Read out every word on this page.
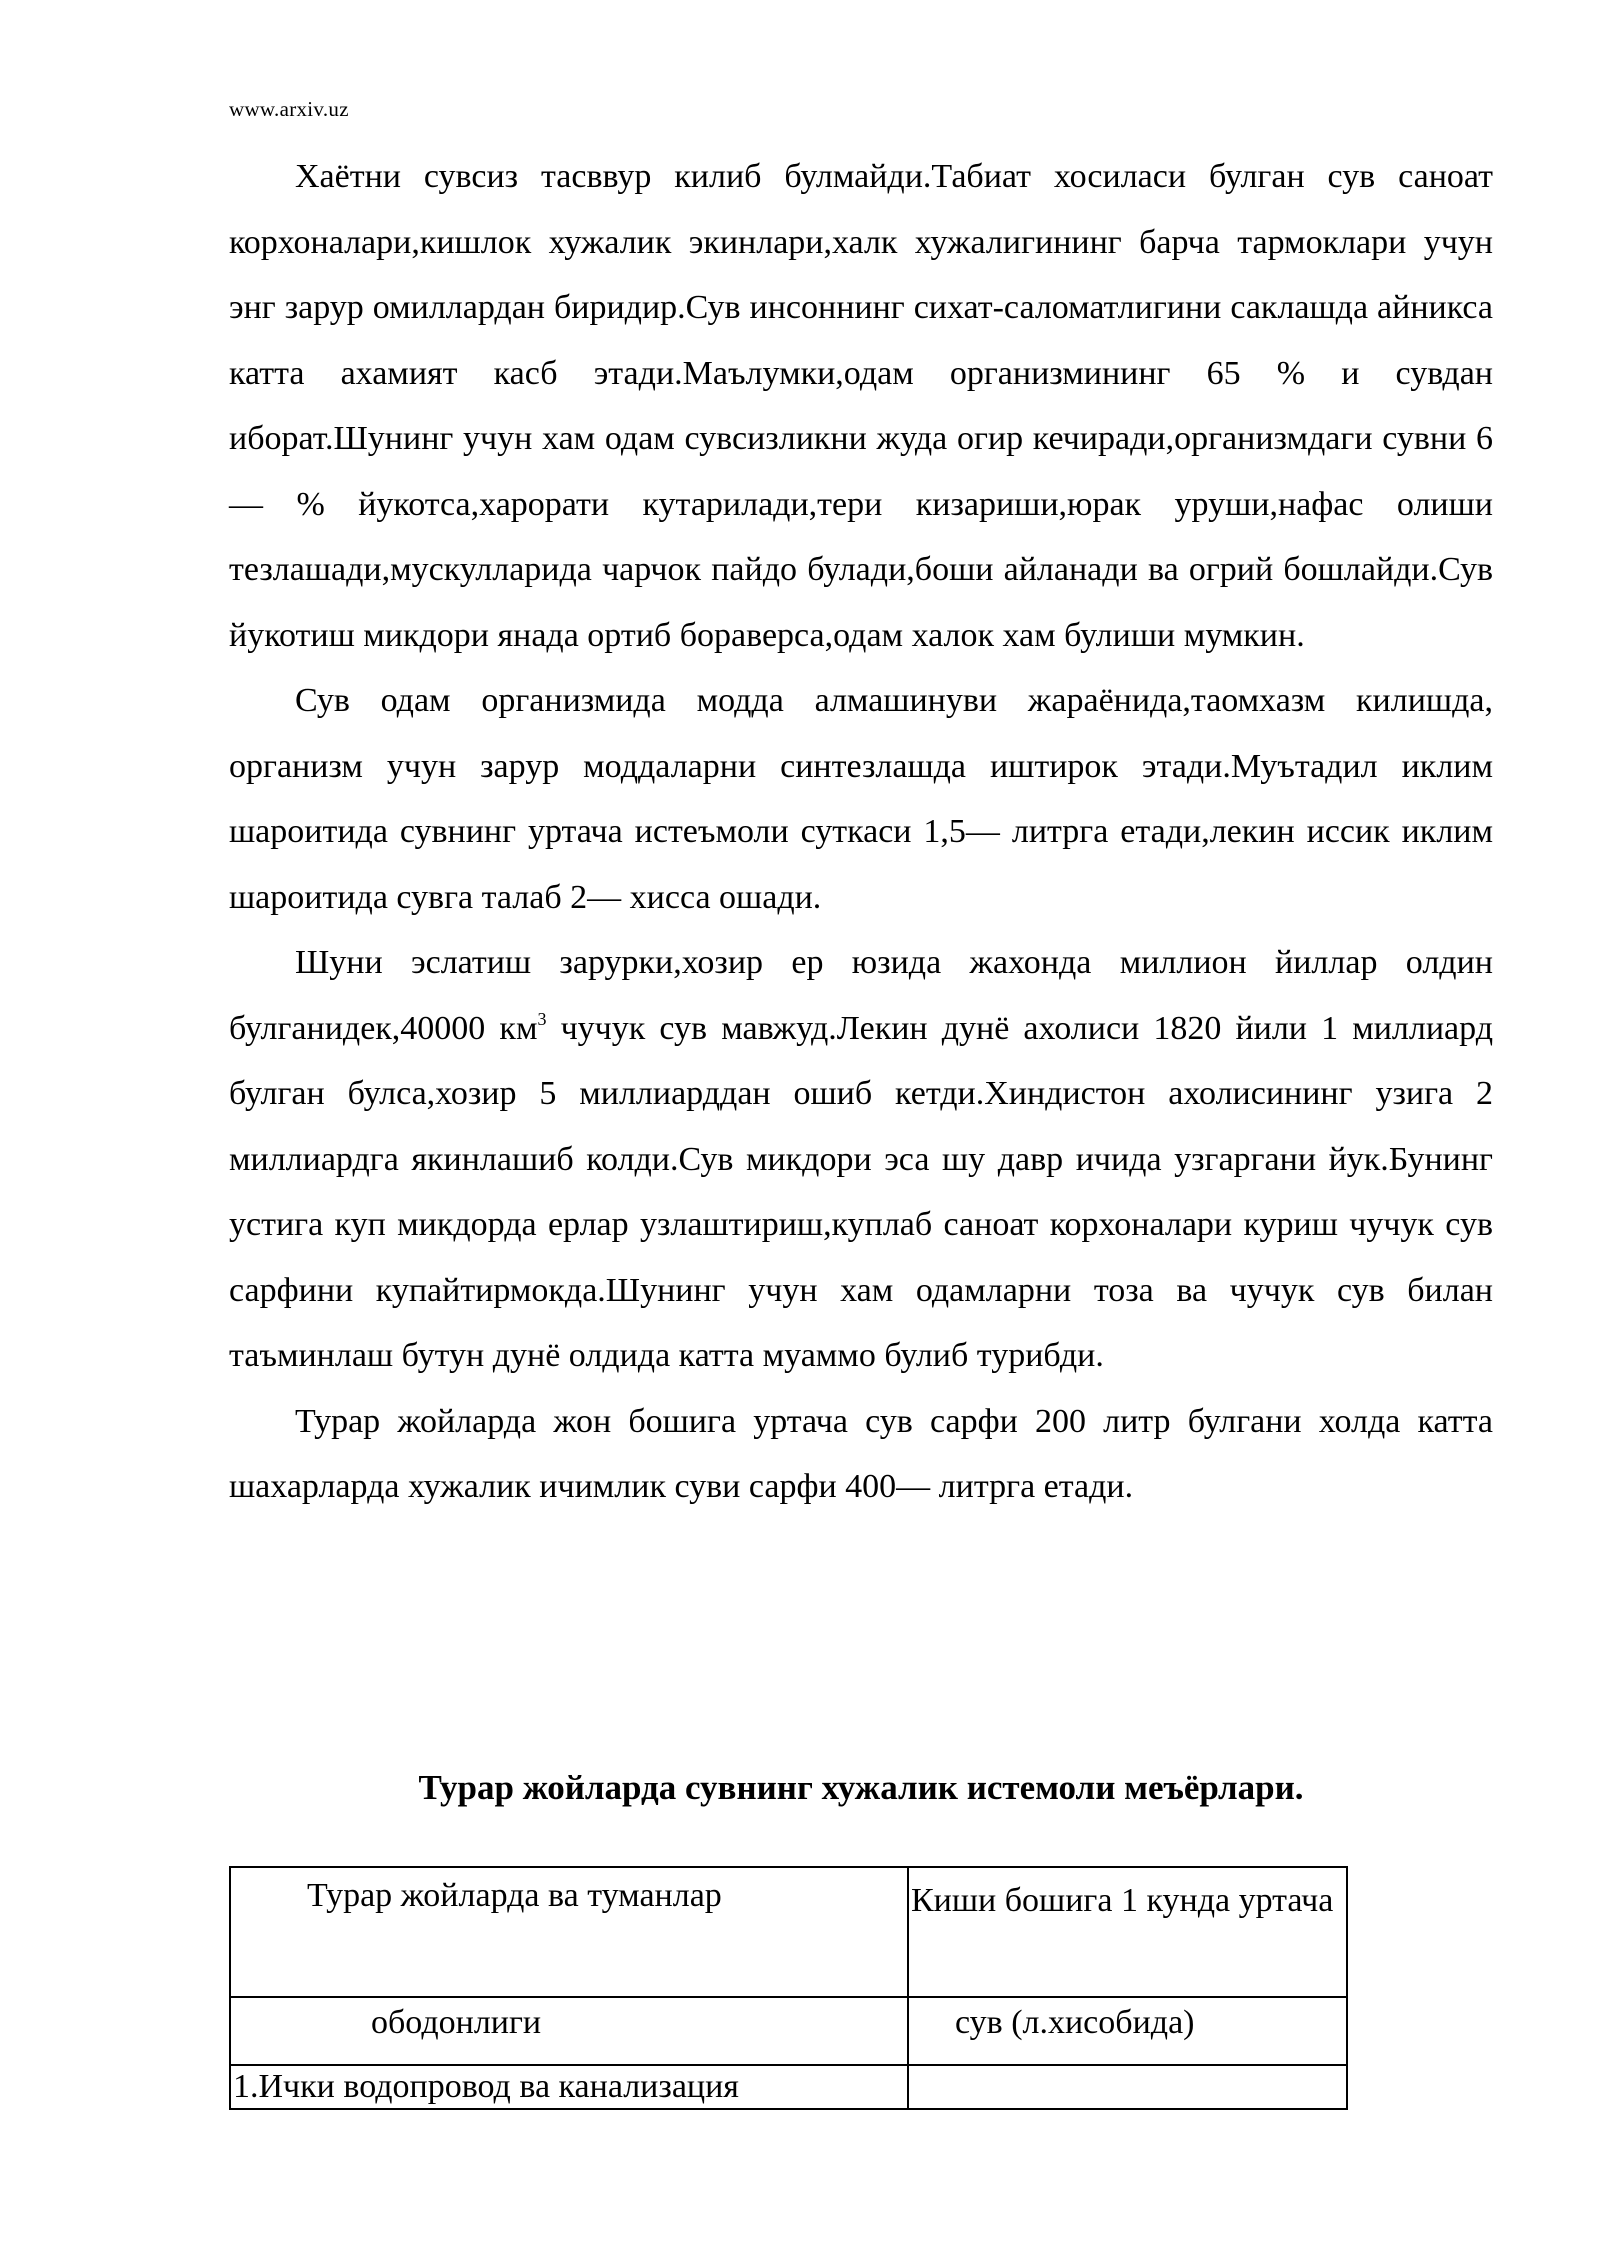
www.arxiv.uz

Хаётни сувсиз тасввур килиб булмайди.Табиат хосиласи булган сув саноат корхоналари,кишлок хужалик экинлари,халк хужалигининг барча тармоклари учун энг зарур омиллардан биридир.Сув инсоннинг сихат-саломатлигини саклашда айникса катта ахамият касб этади.Маълумки,одам организмининг 65 % и сувдан иборат.Шунинг учун хам одам сувсизликни жуда огир кечиради,организмдаги сувни 6— % йукотса,харорати кутарилади,тери кизариши,юрак уруши,нафас олиши тезлашади,мускулларида чарчок пайдо булади,боши айланади ва огрий бошлайди.Сув йукотиш микдори янада ортиб бораверса,одам халок хам булиши мумкин.

Сув одам организмида модда алмашинуви жараёнида,таомхазм килишда, организм учун зарур моддаларни синтезлашда иштирок этади.Муътадил иклим шароитида сувнинг уртача истеъмоли суткаси 1,5— литрга етади,лекин иссик иклим шароитида сувга талаб 2— хисса ошади.

Шуни эслатиш зарурки,хозир ер юзида жахонда миллион йиллар олдин булганидек,40000 $км^3$ чучук сув мавжуд.Лекин дунё ахолиси 1820 йили 1 миллиард булган булса,хозир 5 миллиарддан ошиб кетди.Хиндистон ахолисининг узига 2 миллиардга якинлашиб колди.Сув микдори эса шу давр ичида узгаргани йук.Бунинг устига куп микдорда ерлар узлаштириш,куплаб саноат корхоналари куриш чучук сув сарфини купайтирмокда.Шунинг учун хам одамларни тоза ва чучук сув билан таъминлаш бутун дунё олдида катта муаммо булиб турибди.

Турар жойларда жон бошига уртача сув сарфи 200 литр булгани холда катта шахарларда хужалик ичимлик суви сарфи 400— литрга етади.

Турар жойларда сувнинг хужалик истемоли меъёрлари.
Турар жойларда ва туманлар	Киши бошига 1 кунда уртача
ободонлиги	сув (л.хисобида)
1.Ички водопровод ва канализация	
